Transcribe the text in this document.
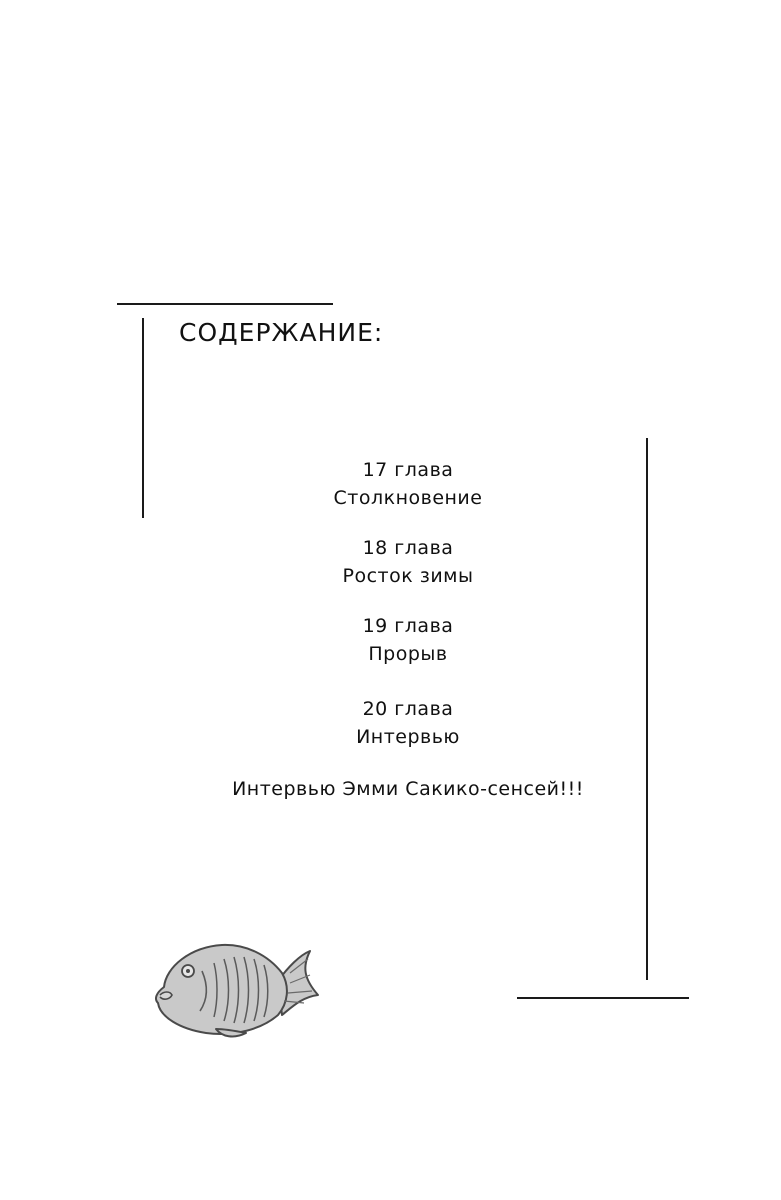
СОДЕРЖАНИЕ:
17 глава
Столкновение
18 глава
Росток зимы
19 глава
Прорыв
20 глава
Интервью
Интервью Эмми Сакико-сенсей!!!
